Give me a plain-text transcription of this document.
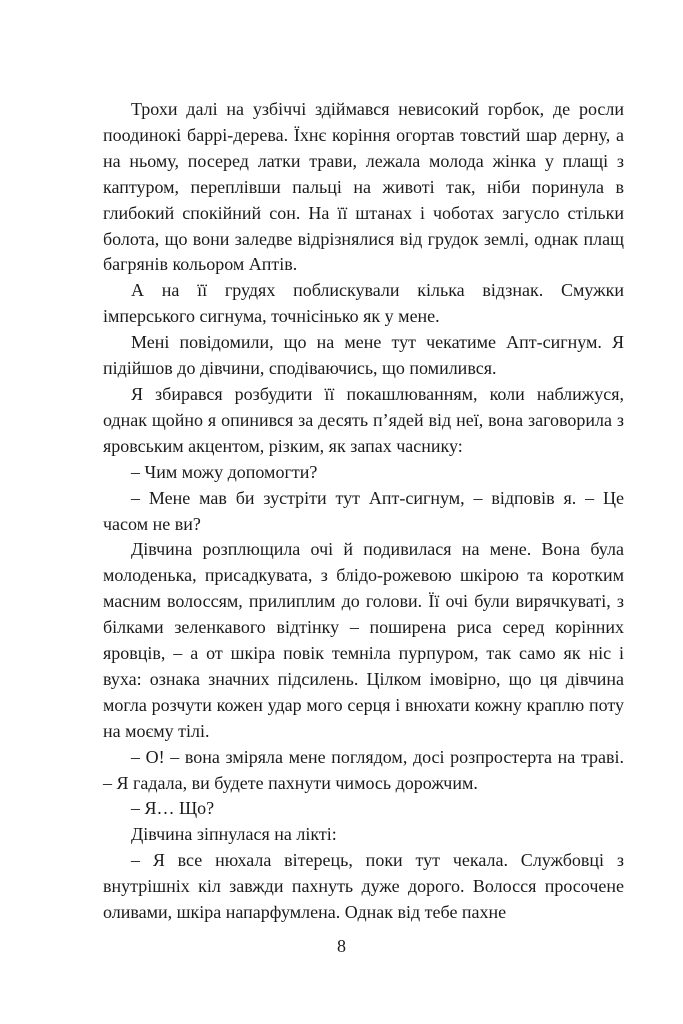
Трохи далі на узбіччі здіймався невисокий горбок, де росли поодинокі баррі-дерева. Їхнє коріння огортав товстий шар дерну, а на ньому, посеред латки трави, лежала молода жінка у плащі з каптуром, переплівши пальці на животі так, ніби поринула в глибокий спокійний сон. На її штанах і чоботах загусло стільки болота, що вони заледве відрізнялися від грудок землі, однак плащ багрянів кольором Аптів.

А на її грудях поблискували кілька відзнак. Смужки імперського сигнума, точнісінько як у мене.

Мені повідомили, що на мене тут чекатиме Апт-сигнум. Я підійшов до дівчини, сподіваючись, що помилився.

Я збирався розбудити її покашлюванням, коли наближуся, однак щойно я опинився за десять п’ядей від неї, вона заговорила з яровським акцентом, різким, як запах часнику:

– Чим можу допомогти?

– Мене мав би зустріти тут Апт-сигнум, – відповів я. – Це часом не ви?

Дівчина розплющила очі й подивилася на мене. Вона була молоденька, присадкувата, з блідо-рожевою шкірою та коротким масним волоссям, прилиплим до голови. Її очі були вирячкуваті, з білками зеленкавого відтінку – поширена риса серед корінних яровців, – а от шкіра повік темніла пурпуром, так само як ніс і вуха: ознака значних підсилень. Цілком імовірно, що ця дівчина могла розчути кожен удар мого серця і внюхати кожну краплю поту на моєму тілі.

– О! – вона зміряла мене поглядом, досі розпростерта на траві. – Я гадала, ви будете пахнути чимось дорожчим.

– Я… Що?

Дівчина зіпнулася на лікті:

– Я все нюхала вітерець, поки тут чекала. Службовці з внутрішніх кіл завжди пахнуть дуже дорого. Волосся просочене оливами, шкіра напарфумлена. Однак від тебе пахне

8
